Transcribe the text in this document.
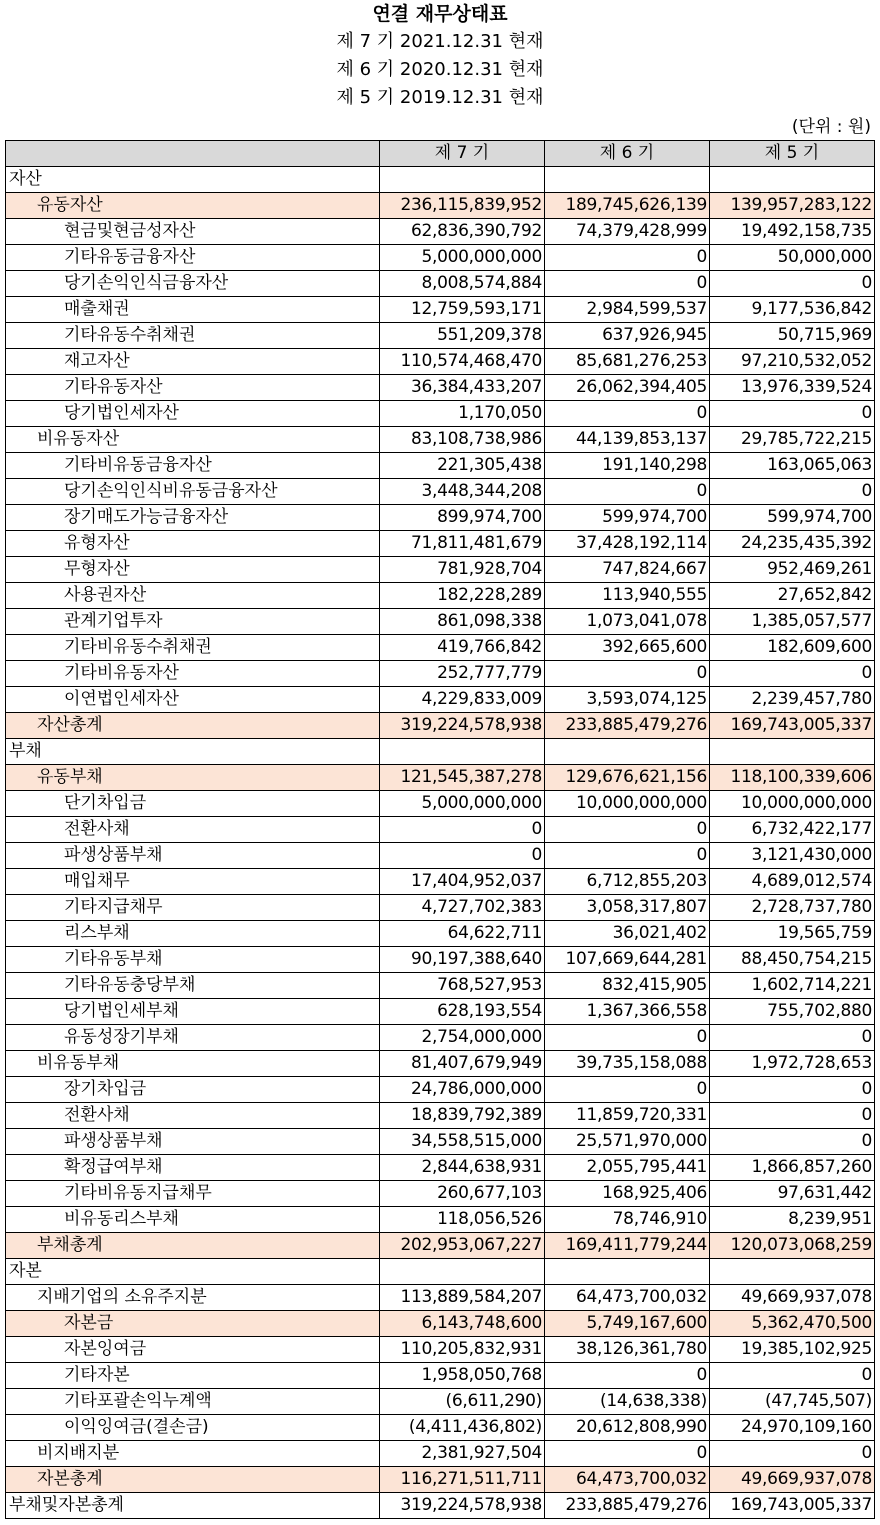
연결 재무상태표
제 7 기 2021.12.31 현재
제 6 기 2020.12.31 현재
제 5 기 2019.12.31 현재
(단위 : 원)
	제 7 기	제 6 기	제 5 기
자산			
유동자산	236,115,839,952	189,745,626,139	139,957,283,122
현금및현금성자산	62,836,390,792	74,379,428,999	19,492,158,735
기타유동금융자산	5,000,000,000	0	50,000,000
당기손익인식금융자산	8,008,574,884	0	0
매출채권	12,759,593,171	2,984,599,537	9,177,536,842
기타유동수취채권	551,209,378	637,926,945	50,715,969
재고자산	110,574,468,470	85,681,276,253	97,210,532,052
기타유동자산	36,384,433,207	26,062,394,405	13,976,339,524
당기법인세자산	1,170,050	0	0
비유동자산	83,108,738,986	44,139,853,137	29,785,722,215
기타비유동금융자산	221,305,438	191,140,298	163,065,063
당기손익인식비유동금융자산	3,448,344,208	0	0
장기매도가능금융자산	899,974,700	599,974,700	599,974,700
유형자산	71,811,481,679	37,428,192,114	24,235,435,392
무형자산	781,928,704	747,824,667	952,469,261
사용권자산	182,228,289	113,940,555	27,652,842
관계기업투자	861,098,338	1,073,041,078	1,385,057,577
기타비유동수취채권	419,766,842	392,665,600	182,609,600
기타비유동자산	252,777,779	0	0
이연법인세자산	4,229,833,009	3,593,074,125	2,239,457,780
자산총계	319,224,578,938	233,885,479,276	169,743,005,337
부채			
유동부채	121,545,387,278	129,676,621,156	118,100,339,606
단기차입금	5,000,000,000	10,000,000,000	10,000,000,000
전환사채	0	0	6,732,422,177
파생상품부채	0	0	3,121,430,000
매입채무	17,404,952,037	6,712,855,203	4,689,012,574
기타지급채무	4,727,702,383	3,058,317,807	2,728,737,780
리스부채	64,622,711	36,021,402	19,565,759
기타유동부채	90,197,388,640	107,669,644,281	88,450,754,215
기타유동충당부채	768,527,953	832,415,905	1,602,714,221
당기법인세부채	628,193,554	1,367,366,558	755,702,880
유동성장기부채	2,754,000,000	0	0
비유동부채	81,407,679,949	39,735,158,088	1,972,728,653
장기차입금	24,786,000,000	0	0
전환사채	18,839,792,389	11,859,720,331	0
파생상품부채	34,558,515,000	25,571,970,000	0
확정급여부채	2,844,638,931	2,055,795,441	1,866,857,260
기타비유동지급채무	260,677,103	168,925,406	97,631,442
비유동리스부채	118,056,526	78,746,910	8,239,951
부채총계	202,953,067,227	169,411,779,244	120,073,068,259
자본			
지배기업의 소유주지분	113,889,584,207	64,473,700,032	49,669,937,078
자본금	6,143,748,600	5,749,167,600	5,362,470,500
자본잉여금	110,205,832,931	38,126,361,780	19,385,102,925
기타자본	1,958,050,768	0	0
기타포괄손익누계액	(6,611,290)	(14,638,338)	(47,745,507)
이익잉여금(결손금)	(4,411,436,802)	20,612,808,990	24,970,109,160
비지배지분	2,381,927,504	0	0
자본총계	116,271,511,711	64,473,700,032	49,669,937,078
부채및자본총계	319,224,578,938	233,885,479,276	169,743,005,337
